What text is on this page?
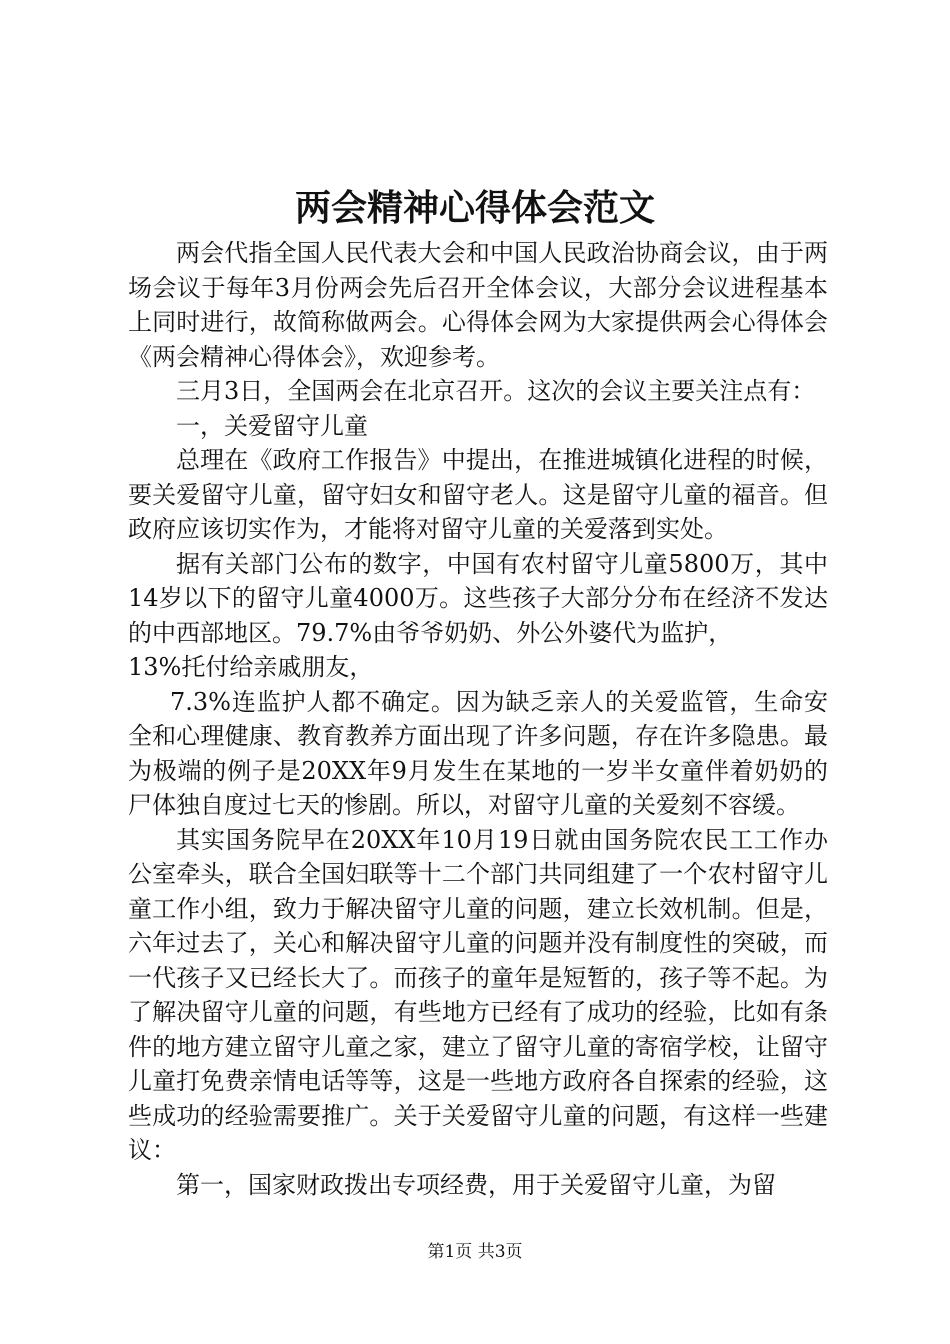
两会精神心得体会范文

两会代指全国人民代表大会和中国人民政治协商会议，由于两场会议于每年3月份两会先后召开全体会议，大部分会议进程基本上同时进行，故简称做两会。心得体会网为大家提供两会心得体会《两会精神心得体会》，欢迎参考。

三月3日，全国两会在北京召开。这次的会议主要关注点有：

一，关爱留守儿童

总理在《政府工作报告》中提出，在推进城镇化进程的时候，要关爱留守儿童，留守妇女和留守老人。这是留守儿童的福音。但政府应该切实作为，才能将对留守儿童的关爱落到实处。

据有关部门公布的数字，中国有农村留守儿童5800万，其中14岁以下的留守儿童4000万。这些孩子大部分分布在经济不发达的中西部地区。79.7%由爷爷奶奶、外公外婆代为监护，

13%托付给亲戚朋友，

7.3%连监护人都不确定。因为缺乏亲人的关爱监管，生命安全和心理健康、教育教养方面出现了许多问题，存在许多隐患。最为极端的例子是20XX年9月发生在某地的一岁半女童伴着奶奶的尸体独自度过七天的惨剧。所以，对留守儿童的关爱刻不容缓。

其实国务院早在20XX年10月19日就由国务院农民工工作办公室牵头，联合全国妇联等十二个部门共同组建了一个农村留守儿童工作小组，致力于解决留守儿童的问题，建立长效机制。但是，六年过去了，关心和解决留守儿童的问题并没有制度性的突破，而一代孩子又已经长大了。而孩子的童年是短暂的，孩子等不起。为了解决留守儿童的问题，有些地方已经有了成功的经验，比如有条件的地方建立留守儿童之家，建立了留守儿童的寄宿学校，让留守儿童打免费亲情电话等等，这是一些地方政府各自探索的经验，这些成功的经验需要推广。关于关爱留守儿童的问题，有这样一些建议：

第一，国家财政拨出专项经费，用于关爱留守儿童，为留

第1页 共3页
